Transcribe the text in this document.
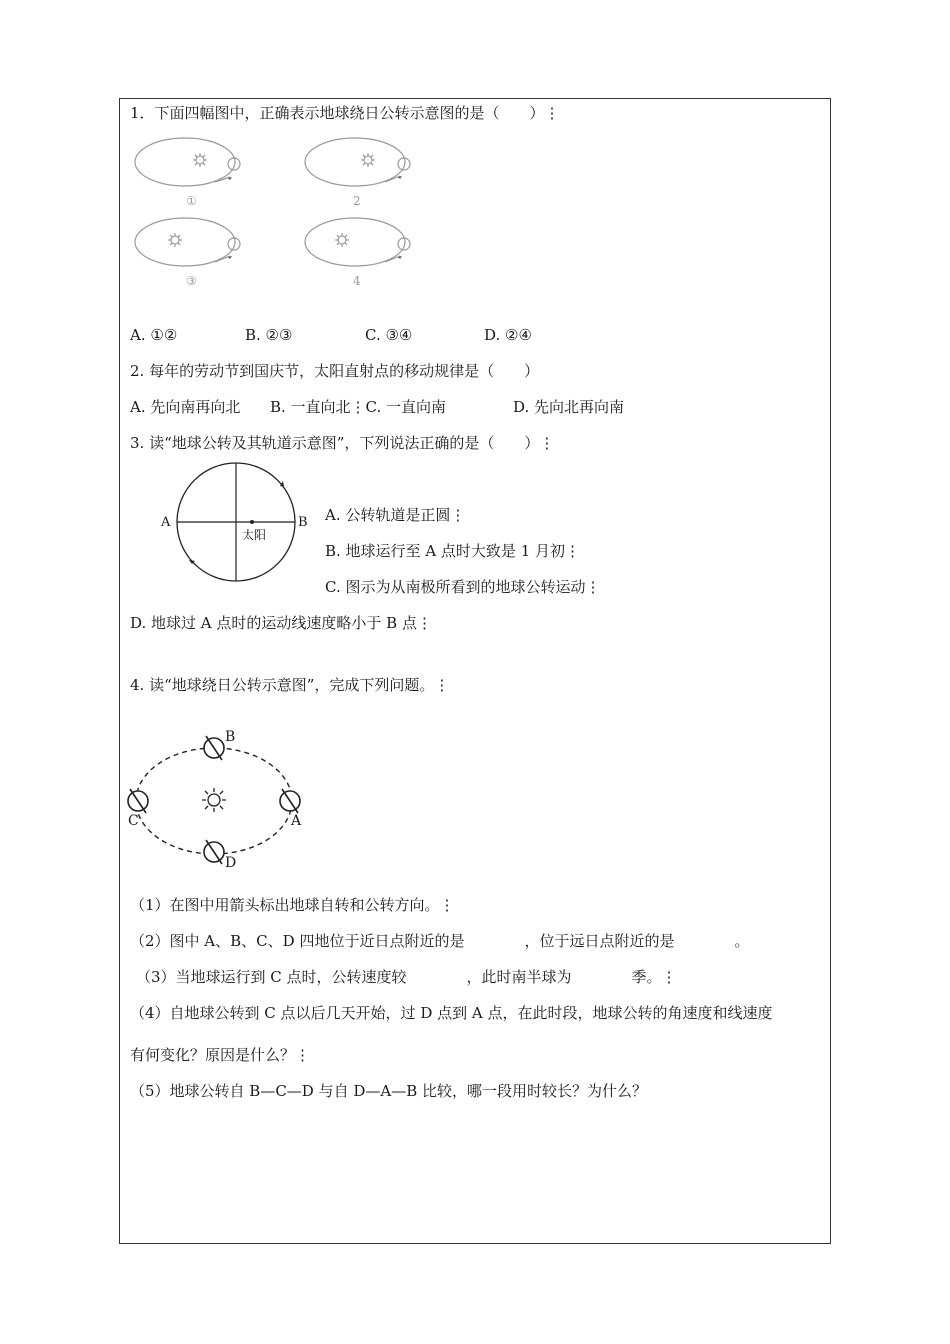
1．下面四幅图中，正确表示地球绕日公转示意图的是（　　）⋮
①	2
③	4
A. ①②	B. ②③	C. ③④	D. ②④
2. 每年的劳动节到国庆节，太阳直射点的移动规律是（　　）
A. 先向南再向北 B. 一直向北⋮C. 一直向南	D. 先向北再向南
3. 读“地球公转及其轨道示意图”，下列说法正确的是（　　）⋮
A	B
太阳
A. 公转轨道是正圆⋮
B. 地球运行至 A 点时大致是 1 月初⋮
C. 图示为从南极所看到的地球公转运动⋮
D. 地球过 A 点时的运动线速度略小于 B 点⋮
4. 读“地球绕日公转示意图”，完成下列问题。⋮
B
C	A
D
（1）在图中用箭头标出地球自转和公转方向。⋮
（2）图中 A、B、C、D 四地位于近日点附近的是　　　　，位于远日点附近的是　　　　。
（3）当地球运行到 C 点时，公转速度较　　　　，此时南半球为　　　　季。⋮
（4）自地球公转到 C 点以后几天开始，过 D 点到 A 点，在此时段，地球公转的角速度和线速度
有何变化？原因是什么？⋮
（5）地球公转自 B—C—D 与自 D—A—B 比较，哪一段用时较长？为什么？
